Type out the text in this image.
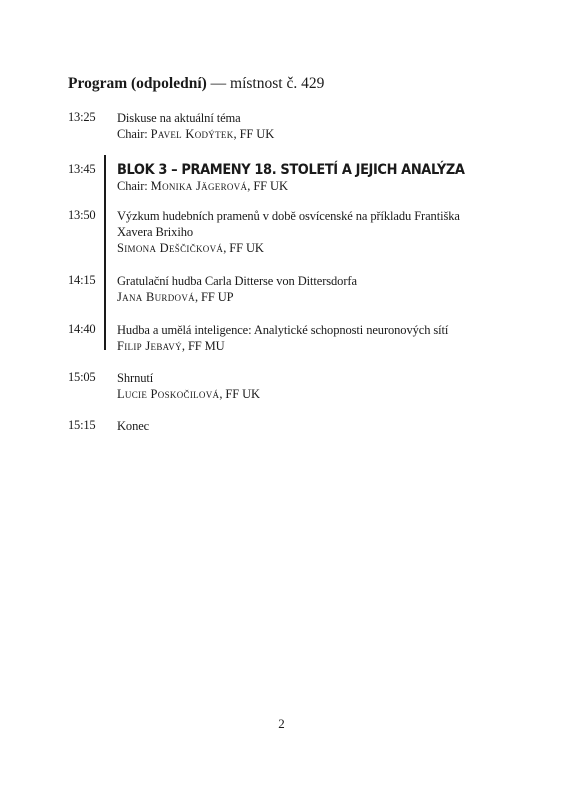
Program (odpolední) — místnost č. 429
13:25 Diskuse na aktuální téma
Chair: Pavel Kodýtek, FF UK
13:45 BLOK 3 – PRAMENY 18. STOLETÍ A JEJICH ANALÝZA
Chair: Monika Jägerová, FF UK
13:50 Výzkum hudebních pramenů v době osvícenské na příkladu Františka
Xavera Brixiho
Simona Deščičková, FF UK
14:15 Gratulační hudba Carla Ditterse von Dittersdorfa
Jana Burdová, FF UP
14:40 Hudba a umělá inteligence: Analytické schopnosti neuronových sítí
Filip Jebavý, FF MU
15:05 Shrnutí
Lucie Poskočilová, FF UK
15:15 Konec
2
